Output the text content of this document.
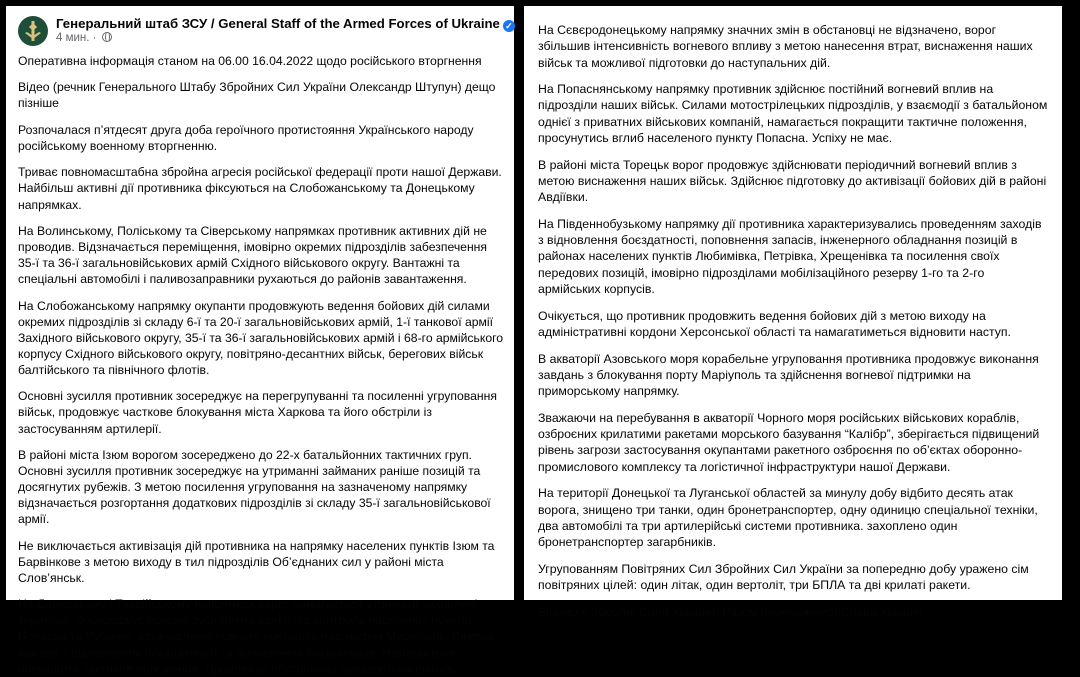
Генеральний штаб ЗСУ / General Staff of the Armed Forces of Ukraine ✓
4 мин. ·

Оперативна інформація станом на 06.00 16.04.2022 щодо російського вторгнення

Відео (речник Генерального Штабу Збройних Сил України Олександр Штупун) дещо пізніше

Розпочалася п’ятдесят друга доба героїчного протистояння Українського народу російському военному вторгненню.

Триває повномасштабна збройна агресія російської федерації проти нашої Держави. Найбільш активні дії противника фіксуються на Слобожанському та Донецькому напрямках.

На Волинському, Поліському та Сіверському напрямках противник активних дій не проводив. Відзначається переміщення, імовірно окремих підрозділів забезпечення 35-ї та 36-ї загальновійськових армій Східного військового округу. Вантажні та спеціальні автомобілі і паливозаправники рухаються до районів завантаження.

На Слобожанському напрямку окупанти продовжують ведення бойових дій силами окремих підрозділів зі складу 6-ї та 20-ї загальновійськових армій, 1-ї танкової армії Західного військового округу, 35-ї та 36-ї загальновійськових армій і 68-го армійського корпусу Східного військового округу, повітряно-десантних військ, берегових військ балтійського та північного флотів.

Основні зусилля противник зосереджує на перегрупуванні та посиленні угруповання військ, продовжує часткове блокування міста Харкова та його обстріли із застосуванням артилерії.

В районі міста Ізюм ворогом зосереджено до 22-х батальйонних тактичних груп. Основні зусилля противник зосереджує на утриманні займаних раніше позицій та досягнутих рубежів. З метою посилення угруповання на зазначеному напрямку відзначається розгортання додаткових підрозділів зі складу 35-ї загальновійськової армії.

Не виключається активізація дій противника на напрямку населених пунктів Ізюм та Барвінкове з метою виходу в тил підрозділів Об’єднаних сил у районі міста Слов’янськ.

На Донецькому і Таврійському напрямках ворог намагається утримати захоплені території. Зосереджує основні зусилля на взятті під контроль населених пунктів Попасна та Рубіжне, встановленні повного контролю над містом Маріуполь. Вживає заходів з відновлення боєздатності та поповнення боєприпасів. Намагається покращити тактичне положення. Продовжує обстріли на більшості напрямків.

На Сєвєродонецькому напрямку значних змін в обстановці не відзначено, ворог збільшив інтенсивність вогневого впливу з метою нанесення втрат, виснаження наших військ та можливої підготовки до наступальних дій.

На Попаснянському напрямку противник здійснює постійний вогневий вплив на підрозділи наших військ. Силами мотострілецьких підрозділів, у взаємодії з батальйоном однієї з приватних військових компаній, намагається покращити тактичне положення, просунутись вглиб населеного пункту Попасна. Успіху не має.

В районі міста Торецьк ворог продовжує здійснювати періодичний вогневий вплив з метою виснаження наших військ. Здійснює підготовку до активізації бойових дій в районі Авдіївки.

На Південнобузькому напрямку дії противника характеризувались проведенням заходів з відновлення боєздатності, поповнення запасів, інженерного обладнання позицій в районах населених пунктів Любимівка, Петрівка, Хрещенівка та посилення своїх передових позицій, імовірно підрозділами мобілізаційного резерву 1-го та 2-го армійських корпусів.

Очікується, що противник продовжить ведення бойових дій з метою виходу на адміністративні кордони Херсонської області та намагатиметься відновити наступ.

В акваторії Азовського моря корабельне угруповання противника продовжує виконання завдань з блокування порту Маріуполь та здійснення вогневої підтримки на приморському напрямку.

Зважаючи на перебування в акваторії Чорного моря російських військових кораблів, озброєних крилатими ракетами морського базування “Калібр”, зберігається підвищений рівень загрози застосування окупантами ракетного озброєння по об’єктах оборонно-промислового комплексу та логістичної інфраструктури нашої Держави.

На території Донецької та Луганської областей за минулу добу відбито десять атак ворога, знищено три танки, один бронетранспортер, одну одиницю спеціальної техніки, два автомобілі та три артилерійські системи противника. захоплено один бронетранспортер загарбників.

Угрупованням Повітряних Сил Збройних Сил України за попередню добу уражено сім повітряних цілей: один літак, один вертоліт, три БПЛА та дві крилаті ракети.

Віримо у Збройні Сили України! Разом переможемо! Слава Україні!
